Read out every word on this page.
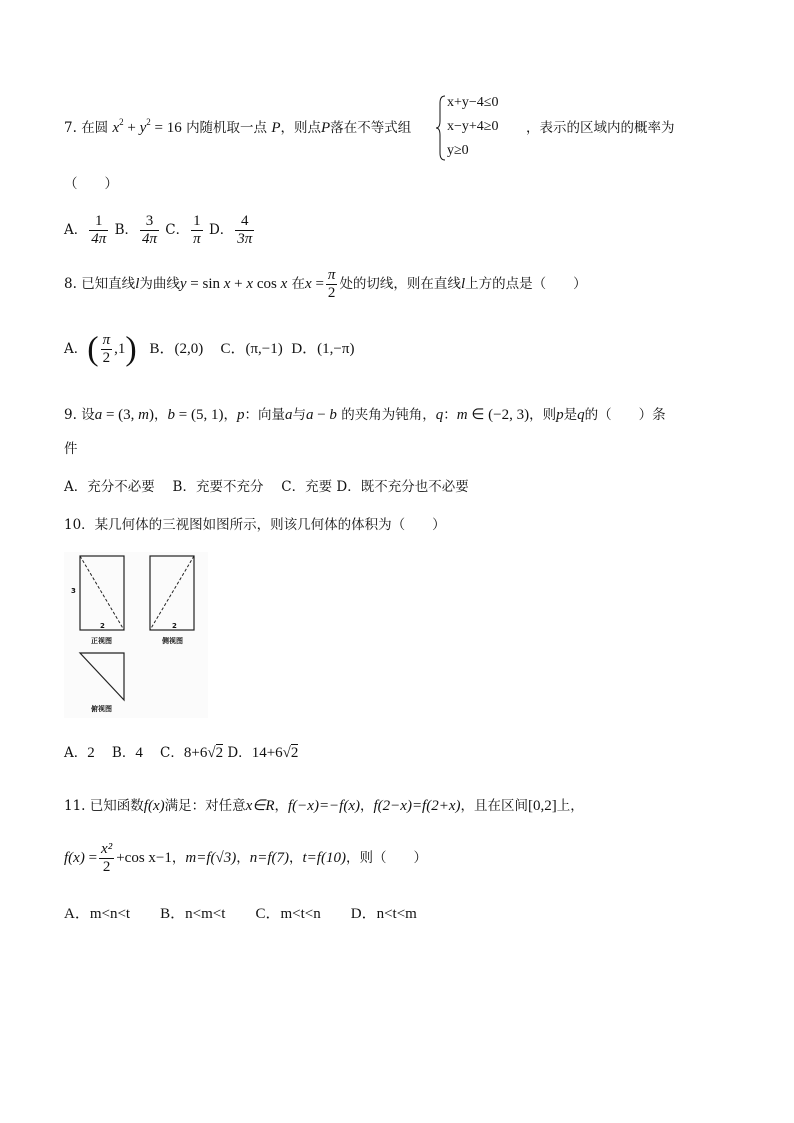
7. 在圆 $x^2 + y^2 = 16$ 内随机取一点 P，则点P落在不等式组
x+y−4≤0
x−y+4≥0
y≥0
，表示的区域内的概率为
（　　）
A． $\frac{1}{4\pi}$ B． $\frac{3}{4\pi}$ C． $\frac{1}{\pi}$ D． $\frac{4}{3\pi}$
8. 已知直线l为曲线y = sin x + x cos x 在$x = \frac{\pi}{2}$ 处的切线，则在直线l上方的点是（　　）
A．( $\frac{\pi}{2} ,1$) B．(2,0) C．(π,−1) D．(1,−π)
9. 设a = (3, m)，b = (5, 1)，p：向量a与a − b 的夹角为钝角，q：m ∈ (−2, 3)，则p是q的（　　）条
件
A．充分不必要　 B．充要不充分　 C．充要 D．既不充分也不必要
10．某几何体的三视图如图所示，则该几何体的体积为（　　）
3
2	2
正视图	侧视图
俯视图
A．2 B．4 C．8+6√2 D．14+6√2
11. 已知函数f(x)满足：对任意x∈R，f(−x)=−f(x)，f(2−x)=f(2+x)，且在区间[0,2]上，
$f(x) = \frac{\text{x²}}{2} +\cos$ x−1，m=f(√3)，n=f(7)，t=f(10)，则（　　）
A．m<n<t B．n<m<t C．m<t<n D．n<t<m
